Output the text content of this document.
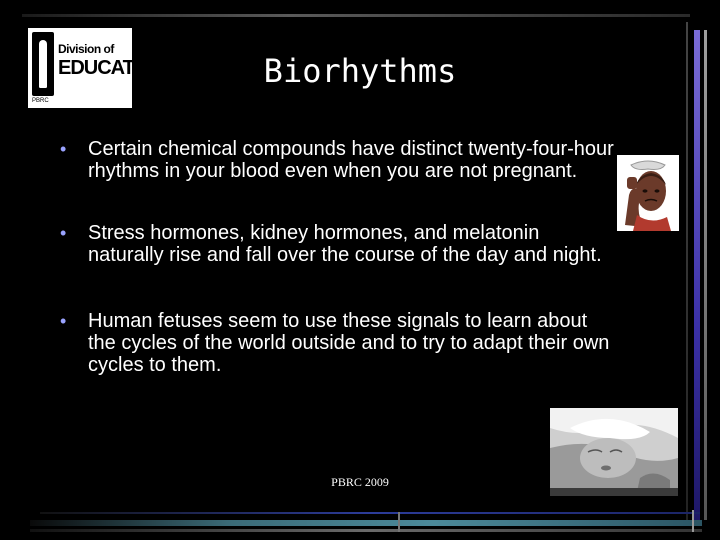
Division of
EDUCATION
PBRC
Biorhythms
• Certain chemical compounds have distinct twenty-four-hour rhythms in your blood even when you are not pregnant.
• Stress hormones, kidney hormones, and melatonin naturally rise and fall over the course of the day and night.
• Human fetuses seem to use these signals to learn about the cycles of the world outside and to try to adapt their own cycles to them.
PBRC 2009
